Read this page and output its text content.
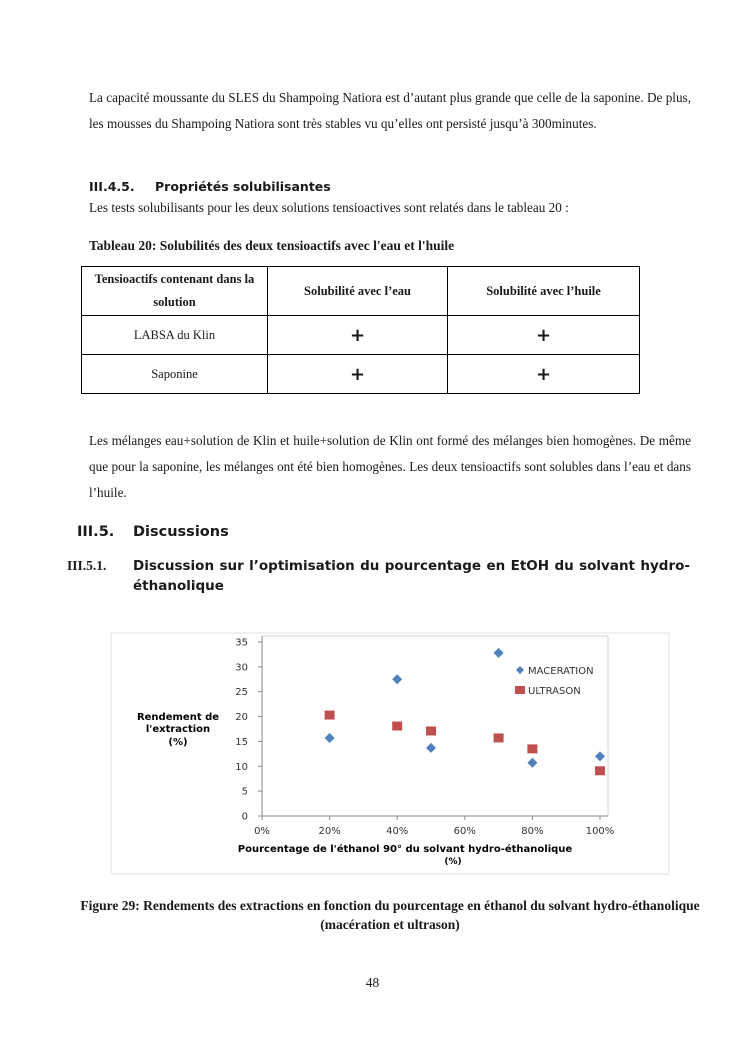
La capacité moussante du SLES du Shampoing Natiora est d’autant plus grande que celle de la saponine. De plus, les mousses du Shampoing Natiora sont très stables vu qu’elles ont persisté jusqu’à 300minutes.

III.4.5. Propriétés solubilisantes
Les tests solubilisants pour les deux solutions tensioactives sont relatés dans le tableau 20 :
Tableau 20: Solubilités des deux tensioactifs avec l'eau et l'huile
Tensioactifs contenant dans la solution	Solubilité avec l’eau	Solubilité avec l’huile
LABSA du Klin	+	+
Saponine	+	+

Les mélanges eau+solution de Klin et huile+solution de Klin ont formé des mélanges bien homogènes. De même que pour la saponine, les mélanges ont été bien homogènes. Les deux tensioactifs sont solubles dans l’eau et dans l’huile.

III.5. Discussions
III.5.1. Discussion sur l’optimisation du pourcentage en EtOH du solvant hydro-éthanolique
0
5
10
15
20
25
30
35
0%	20%	40%	60%	80%	100%
MACERATION
ULTRASON
Rendement de
l'extraction
(%)
Pourcentage de l'éthanol 90° du solvant hydro-éthanolique
(%)
Figure 29: Rendements des extractions en fonction du pourcentage en éthanol du solvant hydro-éthanolique (macération et ultrason)
48
